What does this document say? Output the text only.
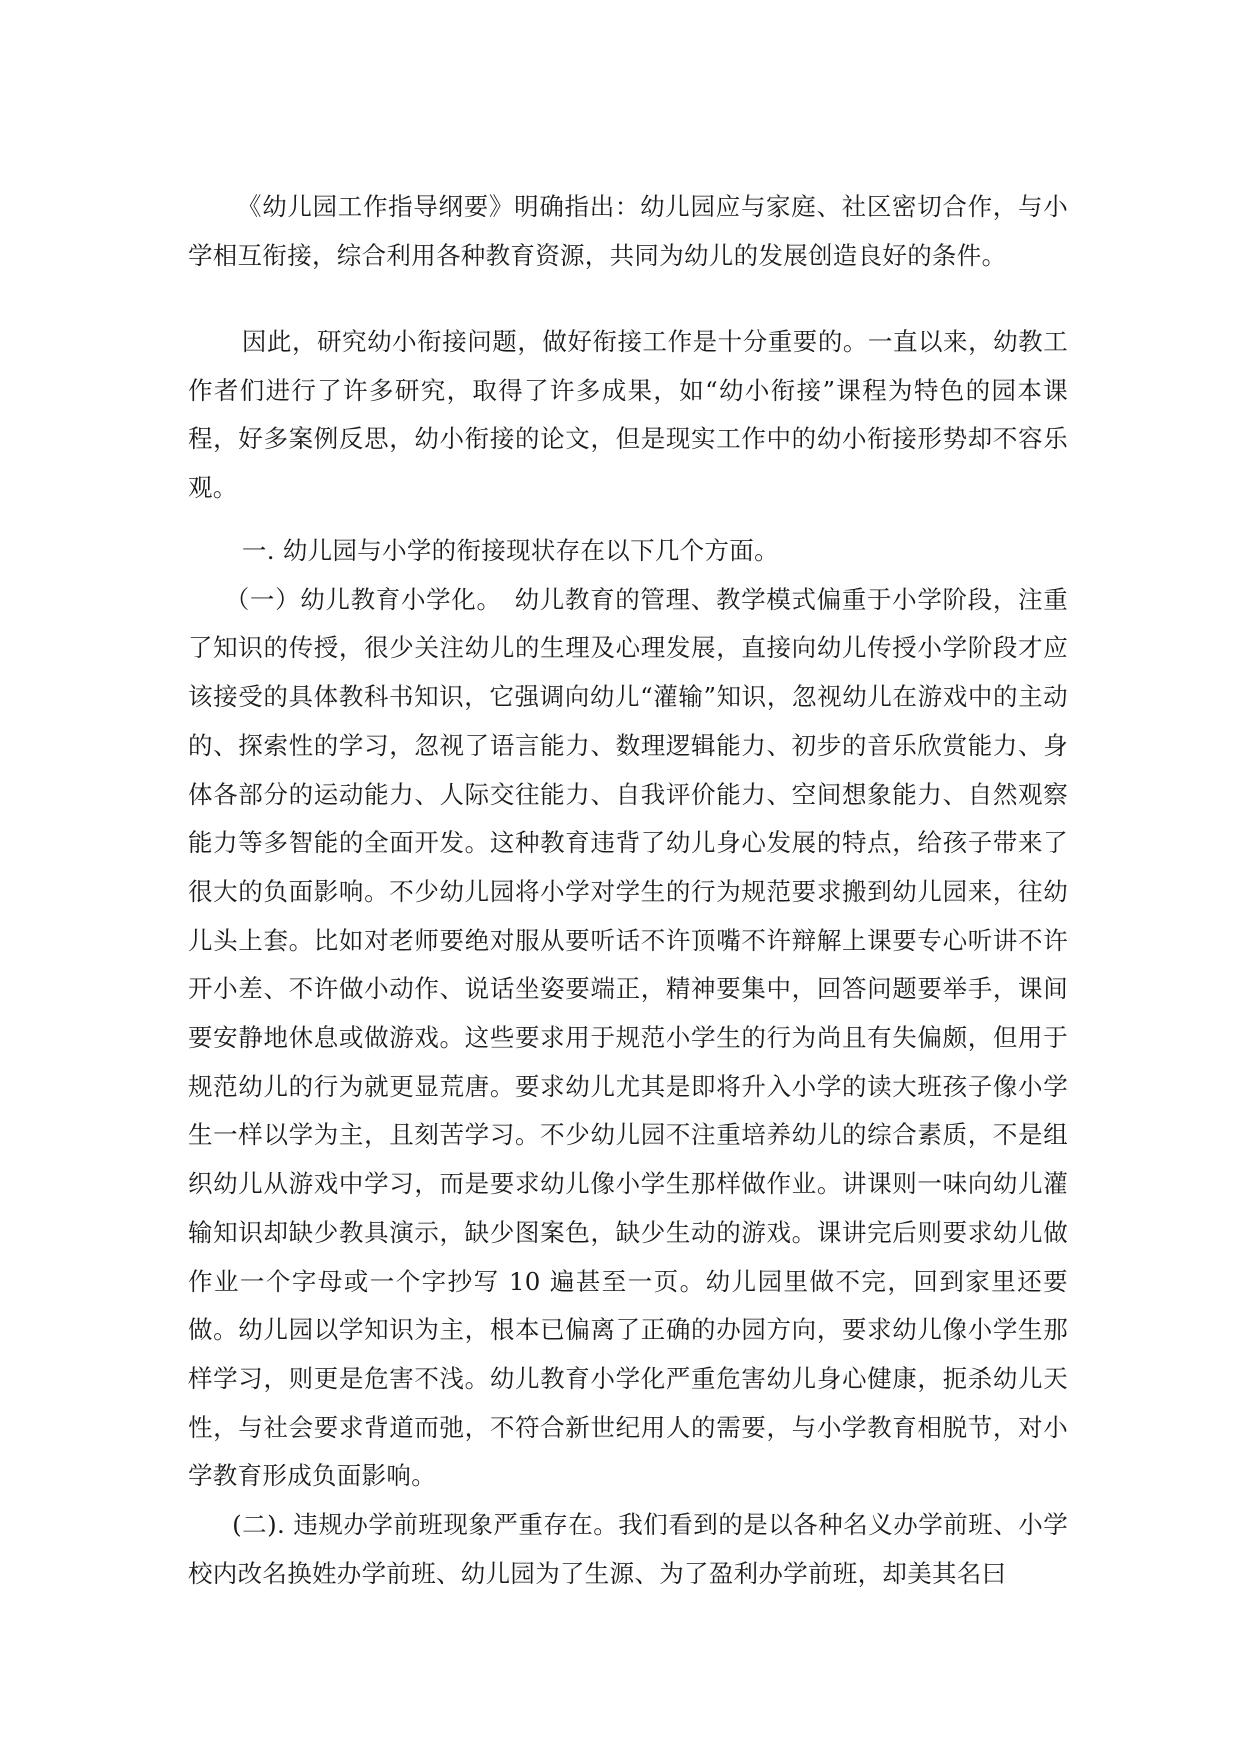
《幼儿园工作指导纲要》明确指出：幼儿园应与家庭、社区密切合作，与小学相互衔接，综合利用各种教育资源，共同为幼儿的发展创造良好的条件。

因此，研究幼小衔接问题，做好衔接工作是十分重要的。一直以来，幼教工作者们进行了许多研究，取得了许多成果，如“幼小衔接”课程为特色的园本课程，好多案例反思，幼小衔接的论文，但是现实工作中的幼小衔接形势却不容乐观。

一. 幼儿园与小学的衔接现状存在以下几个方面。

（一）幼儿教育小学化。　幼儿教育的管理、教学模式偏重于小学阶段，注重了知识的传授，很少关注幼儿的生理及心理发展，直接向幼儿传授小学阶段才应该接受的具体教科书知识，它强调向幼儿“灌输”知识，忽视幼儿在游戏中的主动的、探索性的学习，忽视了语言能力、数理逻辑能力、初步的音乐欣赏能力、身体各部分的运动能力、人际交往能力、自我评价能力、空间想象能力、自然观察能力等多智能的全面开发。这种教育违背了幼儿身心发展的特点，给孩子带来了很大的负面影响。不少幼儿园将小学对学生的行为规范要求搬到幼儿园来，往幼儿头上套。比如对老师要绝对服从要听话不许顶嘴不许辩解上课要专心听讲不许开小差、不许做小动作、说话坐姿要端正，精神要集中，回答问题要举手，课间要安静地休息或做游戏。这些要求用于规范小学生的行为尚且有失偏颇，但用于规范幼儿的行为就更显荒唐。要求幼儿尤其是即将升入小学的读大班孩子像小学生一样以学为主，且刻苦学习。不少幼儿园不注重培养幼儿的综合素质，不是组织幼儿从游戏中学习，而是要求幼儿像小学生那样做作业。讲课则一味向幼儿灌输知识却缺少教具演示，缺少图案色，缺少生动的游戏。课讲完后则要求幼儿做作业一个字母或一个字抄写 10 遍甚至一页。幼儿园里做不完，回到家里还要做。幼儿园以学知识为主，根本已偏离了正确的办园方向，要求幼儿像小学生那样学习，则更是危害不浅。幼儿教育小学化严重危害幼儿身心健康，扼杀幼儿天性，与社会要求背道而弛，不符合新世纪用人的需要，与小学教育相脱节，对小学教育形成负面影响。

(二). 违规办学前班现象严重存在。我们看到的是以各种名义办学前班、小学校内改名换姓办学前班、幼儿园为了生源、为了盈利办学前班，却美其名曰
